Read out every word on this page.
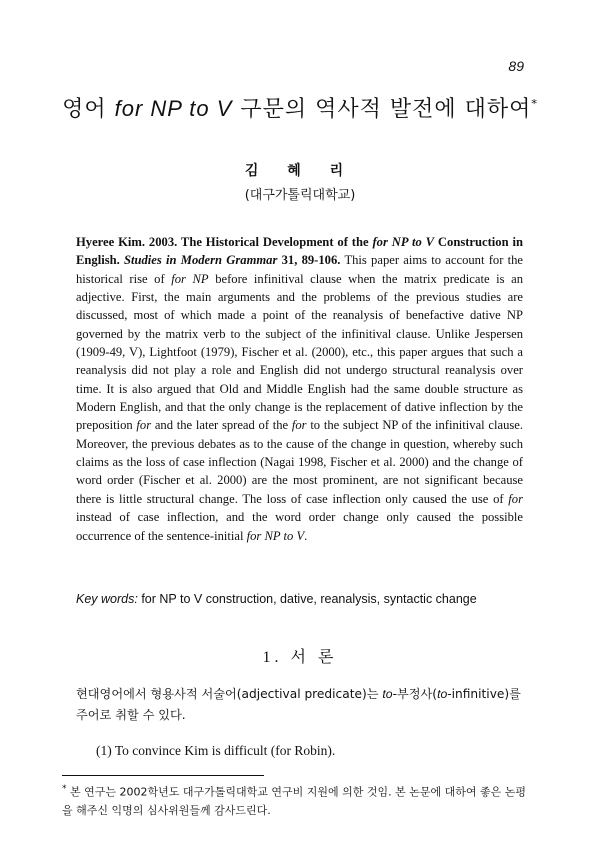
89
영어 for NP to V 구문의 역사적 발전에 대하여*
김 혜 리
(대구가톨릭대학교)
Hyeree Kim. 2003. The Historical Development of the for NP to V Construction in English. Studies in Modern Grammar 31, 89-106. This paper aims to account for the historical rise of for NP before infinitival clause when the matrix predicate is an adjective. First, the main arguments and the problems of the previous studies are discussed, most of which made a point of the reanalysis of benefactive dative NP governed by the matrix verb to the subject of the infinitival clause. Unlike Jespersen (1909-49, V), Lightfoot (1979), Fischer et al. (2000), etc., this paper argues that such a reanalysis did not play a role and English did not undergo structural reanalysis over time. It is also argued that Old and Middle English had the same double structure as Modern English, and that the only change is the replacement of dative inflection by the preposition for and the later spread of the for to the subject NP of the infinitival clause. Moreover, the previous debates as to the cause of the change in question, whereby such claims as the loss of case inflection (Nagai 1998, Fischer et al. 2000) and the change of word order (Fischer et al. 2000) are the most prominent, are not significant because there is little structural change. The loss of case inflection only caused the use of for instead of case inflection, and the word order change only caused the possible occurrence of the sentence-initial for NP to V.
Key words: for NP to V construction, dative, reanalysis, syntactic change
1. 서 론
현대영어에서 형용사적 서술어(adjectival predicate)는 to-부정사(to-infinitive)를 주어로 취할 수 있다.
(1) To convince Kim is difficult (for Robin).
* 본 연구는 2002학년도 대구가톨릭대학교 연구비 지원에 의한 것임. 본 논문에 대하여 좋은 논평을 해주신 익명의 심사위원들께 감사드린다.
